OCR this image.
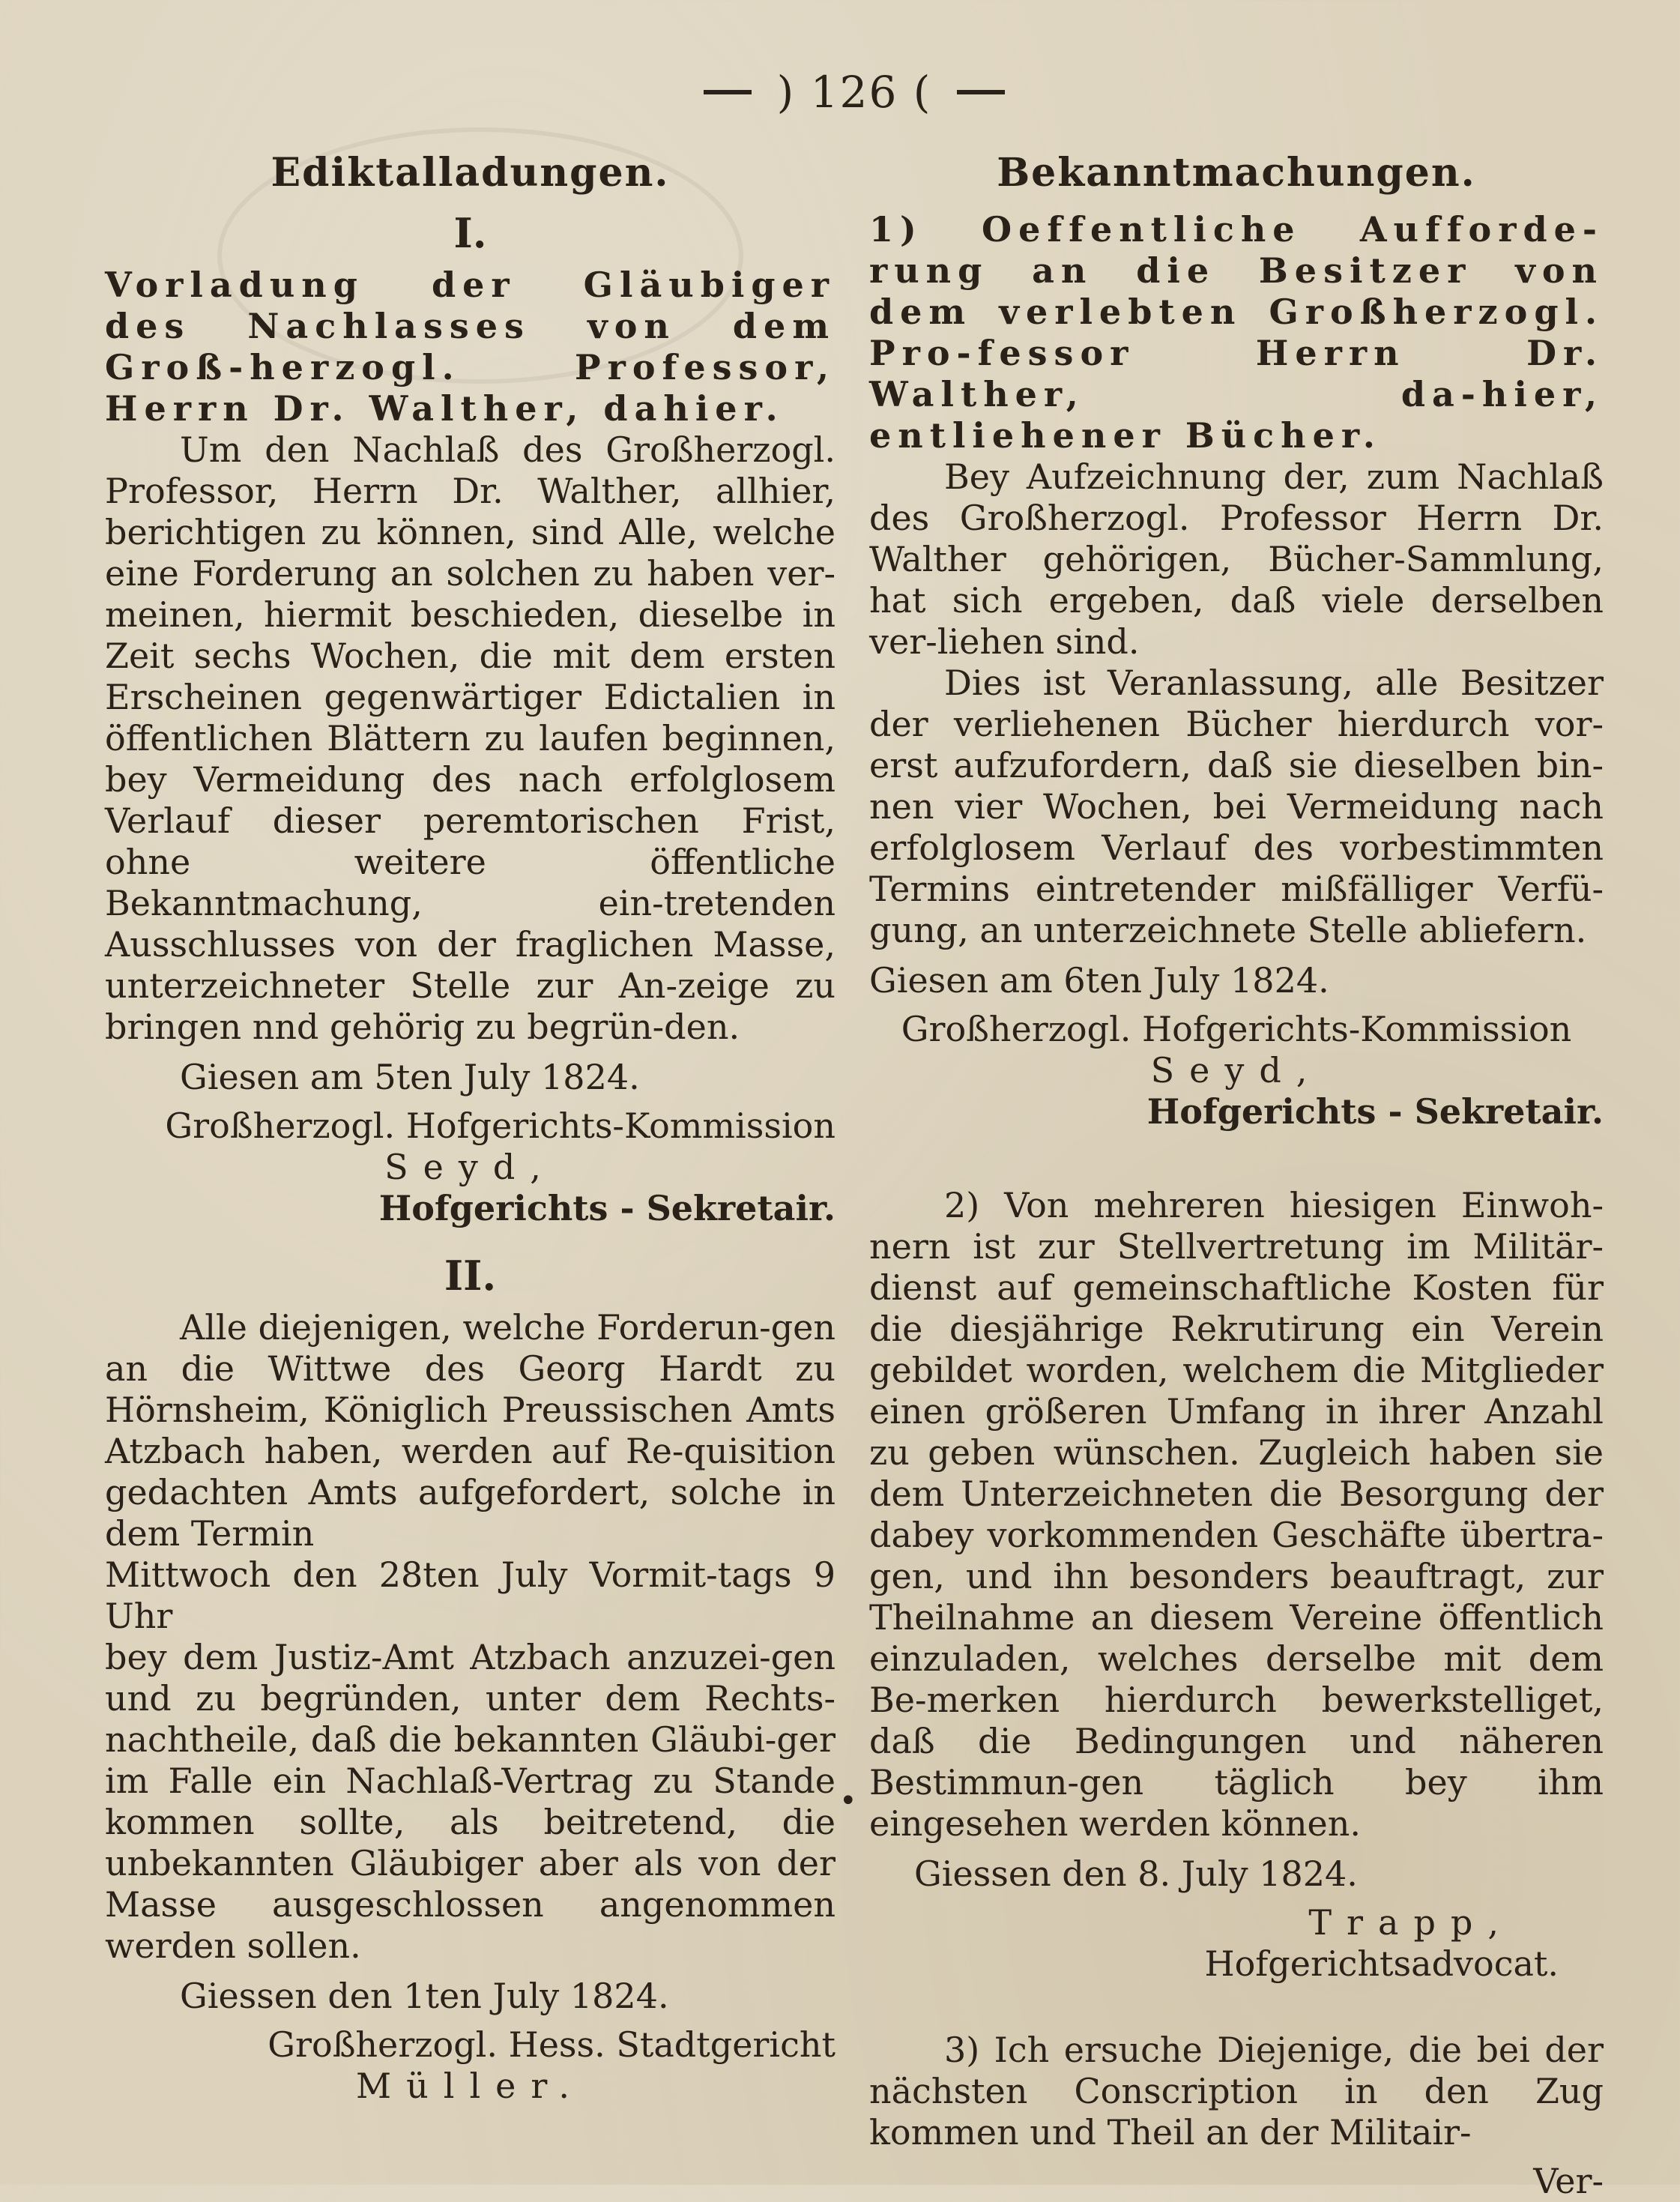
) 126 (
Ediktalladungen.
I.

Vorladung der Gläubiger des Nachlasses von dem Groß-herzogl. Professor, Herrn Dr. Walther, dahier.

Um den Nachlaß des Großherzogl. Professor, Herrn Dr. Walther, allhier, berichtigen zu können, sind Alle, welche eine Forderung an solchen zu haben ver-meinen, hiermit beschieden, dieselbe in Zeit sechs Wochen, die mit dem ersten Erscheinen gegenwärtiger Edictalien in öffentlichen Blättern zu laufen beginnen, bey Vermeidung des nach erfolglosem Verlauf dieser peremtorischen Frist, ohne weitere öffentliche Bekanntmachung, ein-tretenden Ausschlusses von der fraglichen Masse, unterzeichneter Stelle zur An-zeige zu bringen nnd gehörig zu begrün-den.

Giesen am 5ten July 1824.
Großherzogl. Hofgerichts-Kommission
Seyd,
Hofgerichts - Sekretair.
II.

Alle diejenigen, welche Forderun-gen an die Wittwe des Georg Hardt zu Hörnsheim, Königlich Preussischen Amts Atzbach haben, werden auf Re-quisition gedachten Amts aufgefordert, solche in dem Termin

Mittwoch den 28ten July Vormit-tags 9 Uhr

bey dem Justiz-Amt Atzbach anzuzei-gen und zu begründen, unter dem Rechts-nachtheile, daß die bekannten Gläubi-ger im Falle ein Nachlaß-Vertrag zu Stande kommen sollte, als beitretend, die unbekannten Gläubiger aber als von der Masse ausgeschlossen angenommen werden sollen.

Giessen den 1ten July 1824.
Großherzogl. Hess. Stadtgericht
Müller.
•
Bekanntmachungen.

1) Oeffentliche Aufforde-rung an die Besitzer von dem verlebten Großherzogl. Pro-fessor Herrn Dr. Walther, da-hier, entliehener Bücher.

Bey Aufzeichnung der, zum Nachlaß des Großherzogl. Professor Herrn Dr. Walther gehörigen, Bücher-Sammlung, hat sich ergeben, daß viele derselben ver-liehen sind.

Dies ist Veranlassung, alle Besitzer der verliehenen Bücher hierdurch vor-erst aufzufordern, daß sie dieselben bin-nen vier Wochen, bei Vermeidung nach erfolglosem Verlauf des vorbestimmten Termins eintretender mißfälliger Verfü-gung, an unterzeichnete Stelle abliefern.

Giesen am 6ten July 1824.
Großherzogl. Hofgerichts-Kommission
Seyd,
Hofgerichts - Sekretair.

2) Von mehreren hiesigen Einwoh-nern ist zur Stellvertretung im Militär-dienst auf gemeinschaftliche Kosten für die diesjährige Rekrutirung ein Verein gebildet worden, welchem die Mitglieder einen größeren Umfang in ihrer Anzahl zu geben wünschen. Zugleich haben sie dem Unterzeichneten die Besorgung der dabey vorkommenden Geschäfte übertra-gen, und ihn besonders beauftragt, zur Theilnahme an diesem Vereine öffentlich einzuladen, welches derselbe mit dem Be-merken hierdurch bewerkstelliget, daß die Bedingungen und näheren Bestimmun-gen täglich bey ihm eingesehen werden können.

Giessen den 8. July 1824.
Trapp,
Hofgerichtsadvocat.

3) Ich ersuche Diejenige, die bei der nächsten Conscription in den Zug kommen und Theil an der Militair-

Ver-
